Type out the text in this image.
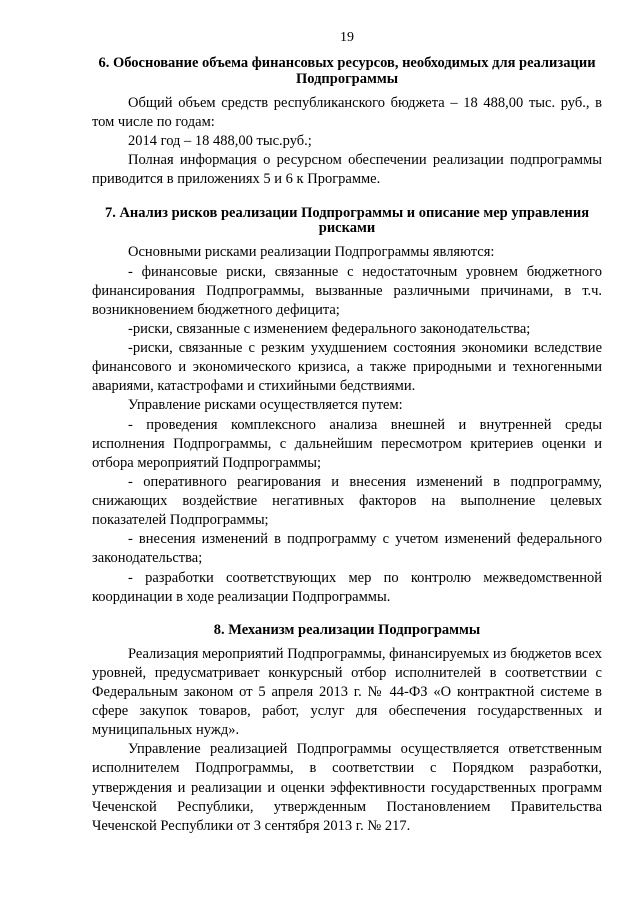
19
6. Обоснование объема финансовых ресурсов, необходимых для реализации Подпрограммы

Общий объем средств республиканского бюджета – 18 488,00 тыс. руб., в том числе по годам:

2014 год – 18 488,00 тыс.руб.;

Полная информация о ресурсном обеспечении реализации подпрограммы приводится в приложениях 5 и 6 к Программе.

7. Анализ рисков реализации Подпрограммы и описание мер управления рисками

Основными рисками реализации Подпрограммы являются:

- финансовые риски, связанные с недостаточным уровнем бюджетного финансирования Подпрограммы, вызванные различными причинами, в т.ч. возникновением бюджетного дефицита;

-риски, связанные с изменением федерального законодательства;

-риски, связанные с резким ухудшением состояния экономики вследствие финансового и экономического кризиса, а также природными и техногенными авариями, катастрофами и стихийными бедствиями.

Управление рисками осуществляется путем:

- проведения комплексного анализа внешней и внутренней среды исполнения Подпрограммы, с дальнейшим пересмотром критериев оценки и отбора мероприятий Подпрограммы;

- оперативного реагирования и внесения изменений в подпрограмму, снижающих воздействие негативных факторов на выполнение целевых показателей Подпрограммы;

- внесения изменений в подпрограмму с учетом изменений федерального законодательства;

- разработки соответствующих мер по контролю межведомственной координации в ходе реализации Подпрограммы.

8. Механизм реализации Подпрограммы

Реализация мероприятий Подпрограммы, финансируемых из бюджетов всех уровней, предусматривает конкурсный отбор исполнителей в соответствии с Федеральным законом от 5 апреля 2013 г. № 44-ФЗ «О контрактной системе в сфере закупок товаров, работ, услуг для обеспечения государственных и муниципальных нужд».

Управление реализацией Подпрограммы осуществляется ответственным исполнителем Подпрограммы, в соответствии с Порядком разработки, утверждения и реализации и оценки эффективности государственных программ Чеченской Республики, утвержденным Постановлением Правительства Чеченской Республики от 3 сентября 2013 г. № 217.
